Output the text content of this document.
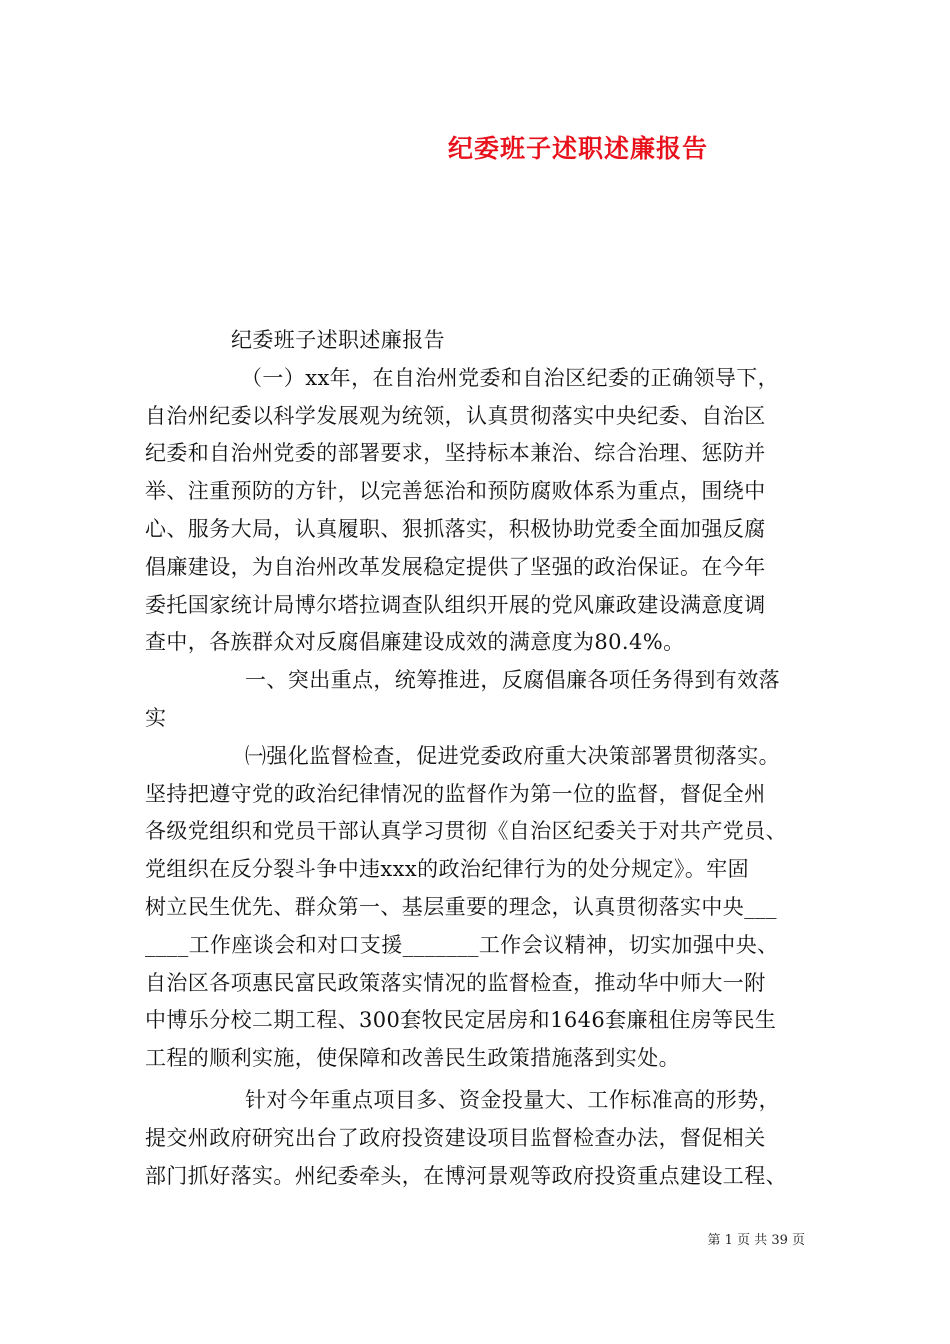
纪委班子述职述廉报告
纪委班子述职述廉报告
（一）xx年，在自治州党委和自治区纪委的正确领导下，
自治州纪委以科学发展观为统领，认真贯彻落实中央纪委、自治区
纪委和自治州党委的部署要求，坚持标本兼治、综合治理、惩防并
举、注重预防的方针，以完善惩治和预防腐败体系为重点，围绕中
心、服务大局，认真履职、狠抓落实，积极协助党委全面加强反腐
倡廉建设，为自治州改革发展稳定提供了坚强的政治保证。在今年
委托国家统计局博尔塔拉调查队组织开展的党风廉政建设满意度调
查中，各族群众对反腐倡廉建设成效的满意度为80.4%。
一、突出重点，统筹推进，反腐倡廉各项任务得到有效落
实
㈠强化监督检查，促进党委政府重大决策部署贯彻落实。
坚持把遵守党的政治纪律情况的监督作为第一位的监督，督促全州
各级党组织和党员干部认真学习贯彻《自治区纪委关于对共产党员、
党组织在反分裂斗争中违xxx的政治纪律行为的处分规定》。牢固
树立民生优先、群众第一、基层重要的理念，认真贯彻落实中央___
____工作座谈会和对口支援_______工作会议精神，切实加强中央、
自治区各项惠民富民政策落实情况的监督检查，推动华中师大一附
中博乐分校二期工程、300套牧民定居房和1646套廉租住房等民生
工程的顺利实施，使保障和改善民生政策措施落到实处。
针对今年重点项目多、资金投量大、工作标准高的形势，
提交州政府研究出台了政府投资建设项目监督检查办法，督促相关
部门抓好落实。州纪委牵头，在博河景观等政府投资重点建设工程、
第 1 页 共 39 页
